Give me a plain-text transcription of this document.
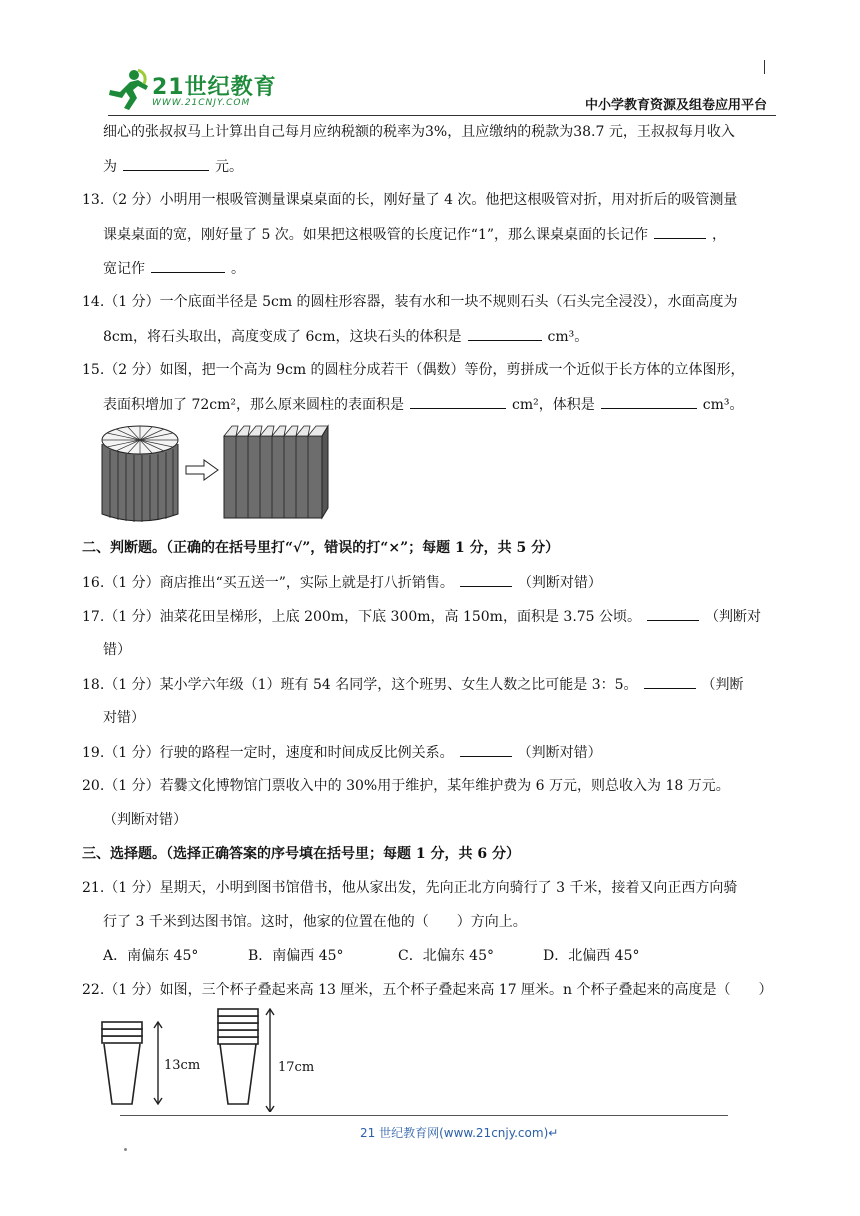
21世纪教育
WWW.21CNJY.COM	中小学教育资源及组卷应用平台
细心的张叔叔马上计算出自己每月应纳税额的税率为3%，且应缴纳的税款为38.7 元，王叔叔每月收入
为	元。
13.（2 分）小明用一根吸管测量课桌桌面的长，刚好量了 4 次。他把这根吸管对折，用对折后的吸管测量
课桌桌面的宽，刚好量了 5 次。如果把这根吸管的长度记作“1”，那么课桌桌面的长记作	，
宽记作	。
14.（1 分）一个底面半径是 5cm 的圆柱形容器，装有水和一块不规则石头（石头完全浸没），水面高度为
8cm，将石头取出，高度变成了 6cm，这块石头的体积是	cm³。
15.（2 分）如图，把一个高为 9cm 的圆柱分成若干（偶数）等份，剪拼成一个近似于长方体的立体图形，
表面积增加了 72cm²，那么原来圆柱的表面积是	cm²，体积是	cm³。
二、判断题。（正确的在括号里打“√”，错误的打“×”；每题 1 分，共 5 分）
16.（1 分）商店推出“买五送一”，实际上就是打八折销售。	（判断对错）
17.（1 分）油菜花田呈梯形，上底 200m，下底 300m，高 150m，面积是 3.75 公顷。	（判断对
错）
18.（1 分）某小学六年级（1）班有 54 名同学，这个班男、女生人数之比可能是 3：5。	（判断
对错）
19.（1 分）行驶的路程一定时，速度和时间成反比例关系。	（判断对错）
20.（1 分）若爨文化博物馆门票收入中的 30%用于维护，某年维护费为 6 万元，则总收入为 18 万元。
（判断对错）
三、选择题。（选择正确答案的序号填在括号里；每题 1 分，共 6 分）
21.（1 分）星期天，小明到图书馆借书，他从家出发，先向正北方向骑行了 3 千米，接着又向正西方向骑
行了 3 千米到达图书馆。这时，他家的位置在他的（　　）方向上。
A．南偏东 45°	B．南偏西 45°	C．北偏东 45°	D．北偏西 45°
22.（1 分）如图，三个杯子叠起来高 13 厘米，五个杯子叠起来高 17 厘米。n 个杯子叠起来的高度是（　　）
13cm	17cm
21 世纪教育网(www.21cnjy.com)↵
